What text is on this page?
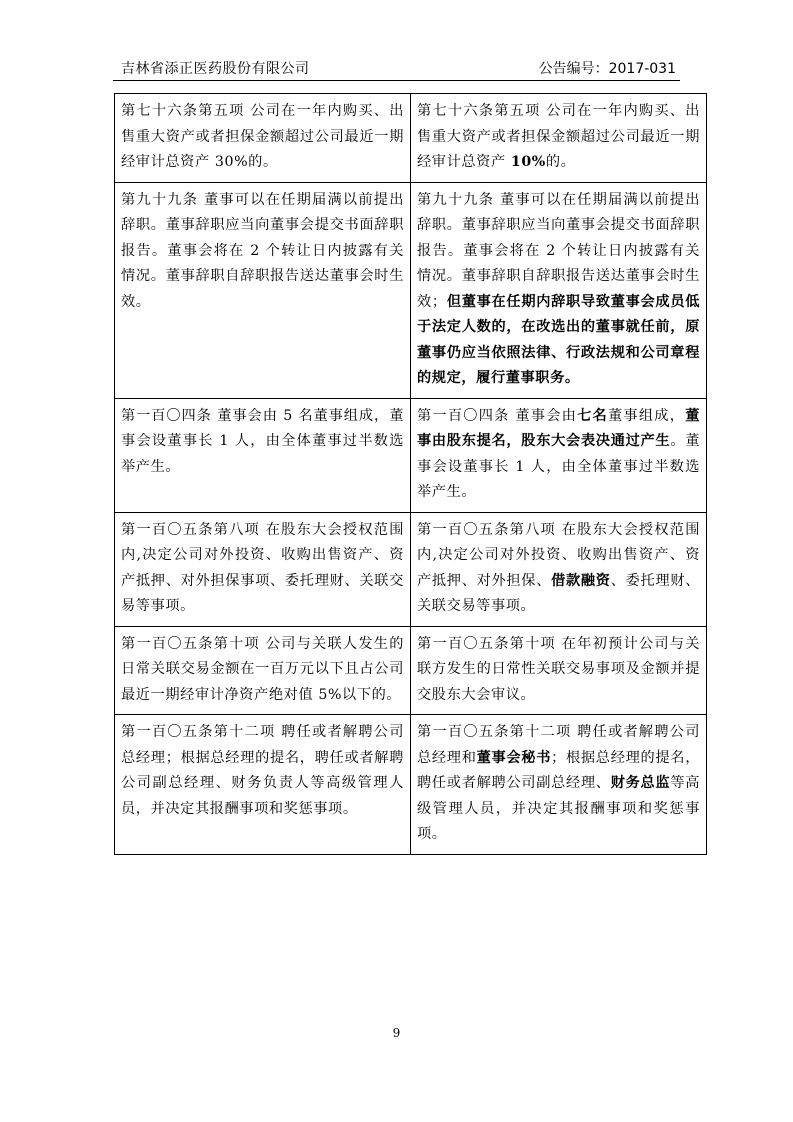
吉林省添正医药股份有限公司	公告编号：2017-031
第七十六条第五项 公司在一年内购买、出售重大资产或者担保金额超过公司最近一期经审计总资产 30%的。	第七十六条第五项 公司在一年内购买、出售重大资产或者担保金额超过公司最近一期经审计总资产 10%的。
第九十九条 董事可以在任期届满以前提出辞职。董事辞职应当向董事会提交书面辞职报告。董事会将在 2 个转让日内披露有关情况。董事辞职自辞职报告送达董事会时生效。	第九十九条 董事可以在任期届满以前提出辞职。董事辞职应当向董事会提交书面辞职报告。董事会将在 2 个转让日内披露有关情况。董事辞职自辞职报告送达董事会时生效；但董事在任期内辞职导致董事会成员低于法定人数的，在改选出的董事就任前，原董事仍应当依照法律、行政法规和公司章程的规定，履行董事职务。
第一百〇四条 董事会由 5 名董事组成，董事会设董事长 1 人，由全体董事过半数选举产生。	第一百〇四条 董事会由七名董事组成，董事由股东提名，股东大会表决通过产生。董事会设董事长 1 人，由全体董事过半数选举产生。
第一百〇五条第八项 在股东大会授权范围内,决定公司对外投资、收购出售资产、资产抵押、对外担保事项、委托理财、关联交易等事项。	第一百〇五条第八项 在股东大会授权范围内,决定公司对外投资、收购出售资产、资产抵押、对外担保、借款融资、委托理财、关联交易等事项。
第一百〇五条第十项 公司与关联人发生的日常关联交易金额在一百万元以下且占公司最近一期经审计净资产绝对值 5%以下的。	第一百〇五条第十项 在年初预计公司与关联方发生的日常性关联交易事项及金额并提交股东大会审议。
第一百〇五条第十二项 聘任或者解聘公司总经理；根据总经理的提名，聘任或者解聘公司副总经理、财务负责人等高级管理人员，并决定其报酬事项和奖惩事项。	第一百〇五条第十二项 聘任或者解聘公司总经理和董事会秘书；根据总经理的提名，聘任或者解聘公司副总经理、财务总监等高级管理人员，并决定其报酬事项和奖惩事项。
9
